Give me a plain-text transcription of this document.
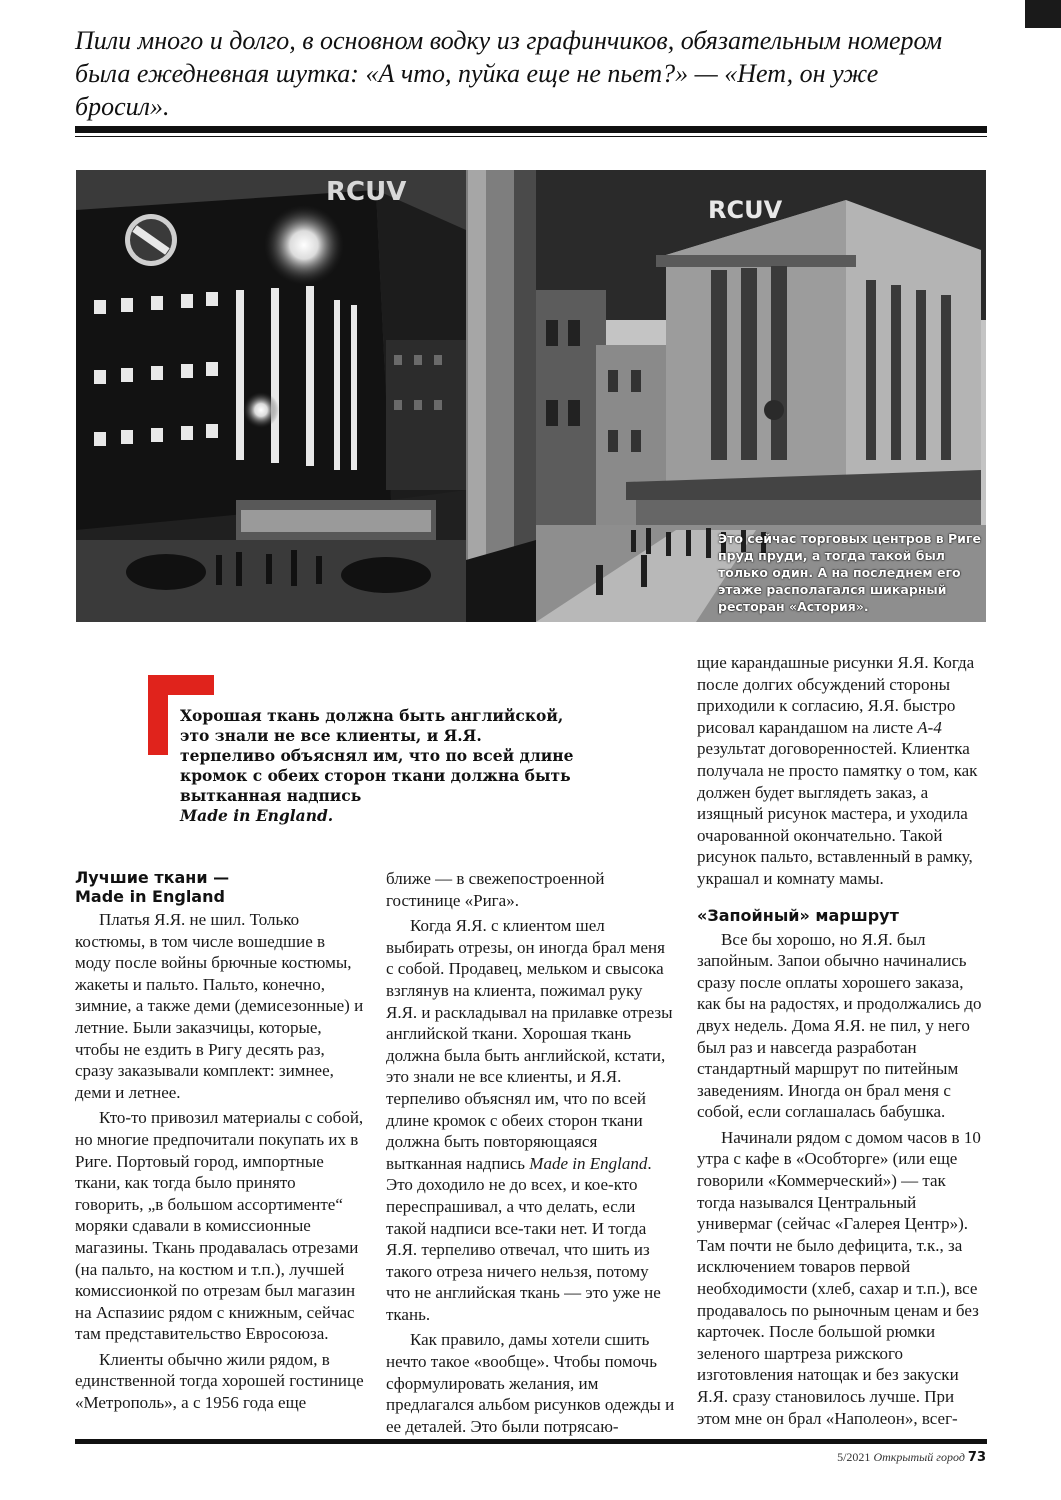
Пили много и долго, в основном водку из графинчиков, обязательным номером была ежедневная шутка: «А что, пуйка еще не пьет?» — «Нет, он уже бросил».

RCUV
RCUV

Это сейчас торговых центров в Риге пруд пруди, а тогда такой был только один. А на последнем его этаже располагался шикарный ресторан «Астория».

Хорошая ткань должна быть английской, это знали не все клиенты, и Я.Я. терпеливо объяснял им, что по всей длине кромок с обеих сторон ткани должна быть вытканная надпись
Made in England.

Лучшие ткани — Made in England

Платья Я.Я. не шил. Только костюмы, в том числе вошедшие в моду после войны брючные костюмы, жакеты и пальто. Пальто, конечно, зимние, а также деми (демисезонные) и летние. Были заказчицы, которые, чтобы не ездить в Ригу десять раз, сразу заказывали комплект: зимнее, деми и летнее.

Кто-то привозил материалы с собой, но многие предпочитали покупать их в Риге. Портовый город, импортные ткани, как тогда было принято говорить, „в большом ассортименте“ моряки сдавали в комиссионные магазины. Ткань продавалась отрезами (на пальто, на костюм и т.п.), лучшей комиссионкой по отрезам был магазин на Аспазиис рядом с книжным, сейчас там представительство Евросоюза.

Клиенты обычно жили рядом, в единственной тогда хорошей гостинице «Метрополь», а с 1956 года еще

ближе — в свежепостроенной гостинице «Рига».

Когда Я.Я. с клиентом шел выбирать отрезы, он иногда брал меня с собой. Продавец, мельком и свысока взглянув на клиента, пожимал руку Я.Я. и раскладывал на прилавке отрезы английской ткани. Хорошая ткань должна была быть английской, кстати, это знали не все клиенты, и Я.Я. терпеливо объяснял им, что по всей длине кромок с обеих сторон ткани должна быть повторяющаяся вытканная надпись Made in England. Это доходило не до всех, и кое-кто переспрашивал, а что делать, если такой надписи все-таки нет. И тогда Я.Я. терпеливо отвечал, что шить из такого отреза ничего нельзя, потому что не английская ткань — это уже не ткань.

Как правило, дамы хотели сшить нечто такое «вообще». Чтобы помочь сформулировать желания, им предлагался альбом рисунков одежды и ее деталей. Это были потрясаю-

щие карандашные рисунки Я.Я. Когда после долгих обсуждений стороны приходили к согласию, Я.Я. быстро рисовал карандашом на листе А-4 результат договоренностей. Клиентка получала не просто памятку о том, как должен будет выглядеть заказ, а изящный рисунок мастера, и уходила очарованной окончательно. Такой рисунок пальто, вставленный в рамку, украшал и комнату мамы.

«Запойный» маршрут

Все бы хорошо, но Я.Я. был запойным. Запои обычно начинались сразу после оплаты хорошего заказа, как бы на радостях, и продолжались до двух недель. Дома Я.Я. не пил, у него был раз и навсегда разработан стандартный маршрут по питейным заведениям. Иногда он брал меня с собой, если соглашалась бабушка.

Начинали рядом с домом часов в 10 утра с кафе в «Особторге» (или еще говорили «Коммерческий») — так тогда назывался Центральный универмаг (сейчас «Галерея Центр»). Там почти не было дефицита, т.к., за исключением товаров первой необходимости (хлеб, сахар и т.п.), все продавалось по рыночным ценам и без карточек. После большой рюмки зеленого шартреза рижского изготовления натощак и без закуски Я.Я. сразу становилось лучше. При этом мне он брал «Наполеон», всег-

5/2021 Открытый город 73
